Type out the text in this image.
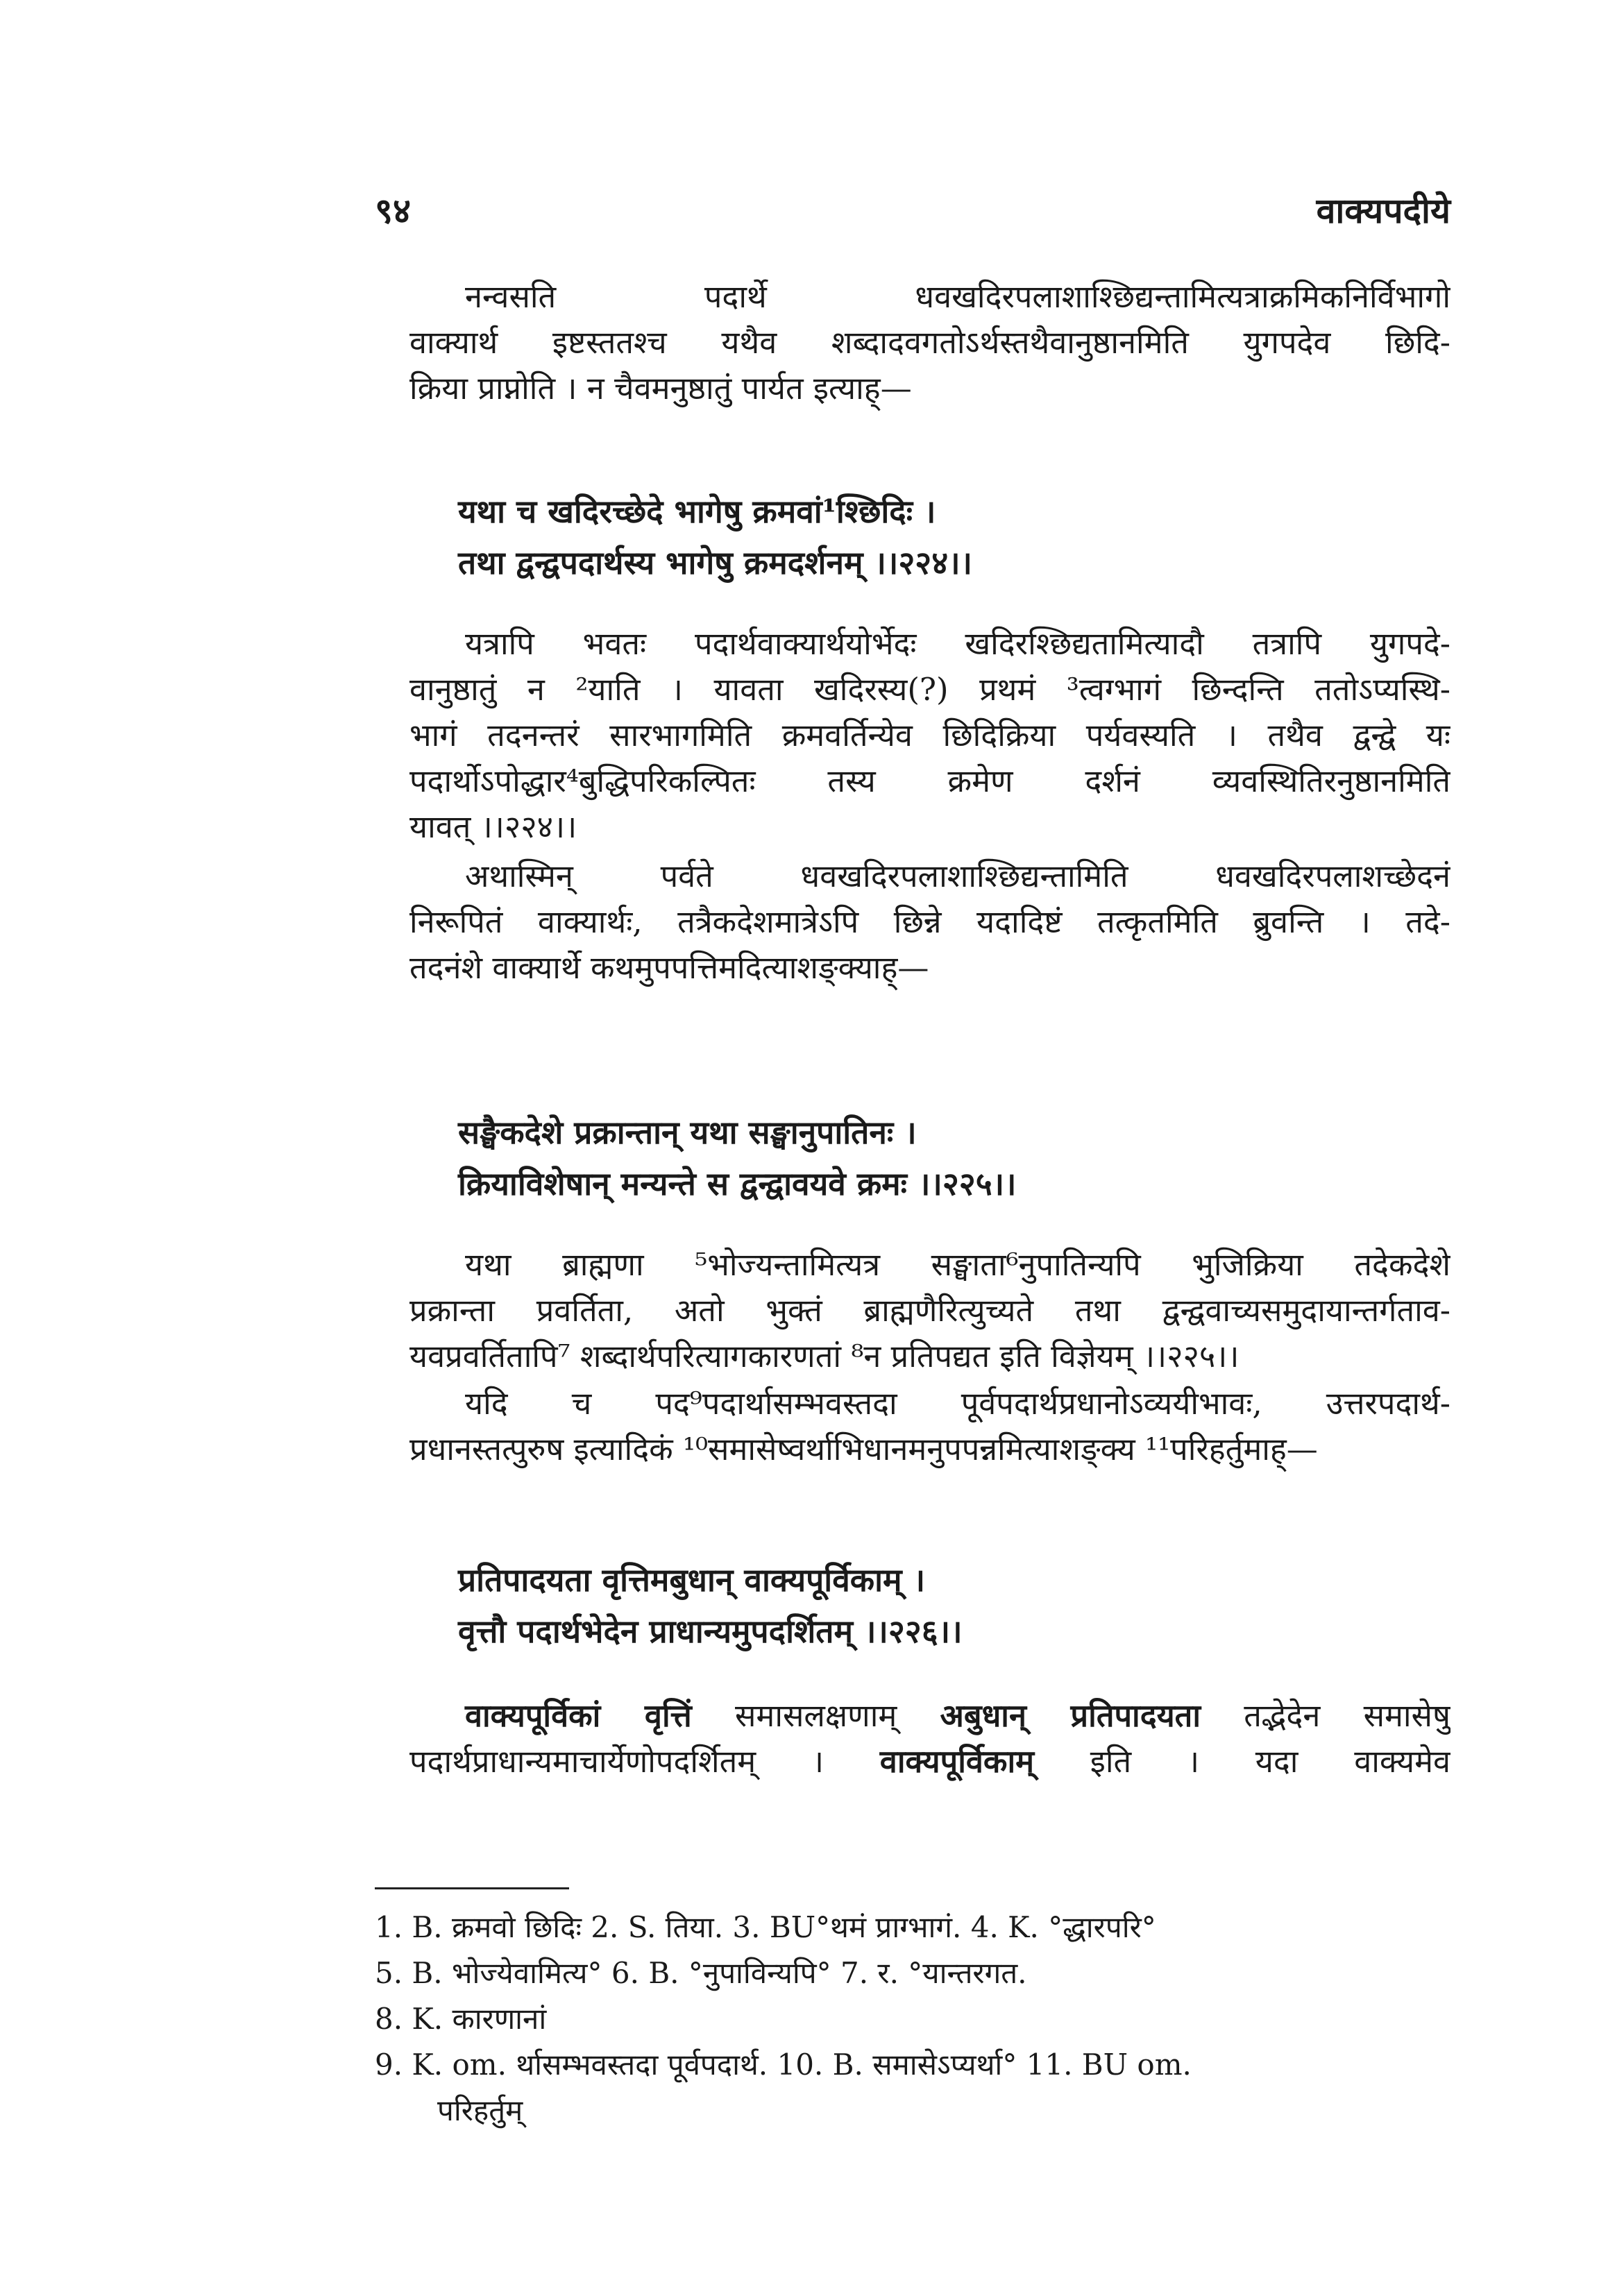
९४	वाक्यपदीये
नन्वसति पदार्थे धवखदिरपलाशाश्छिद्यन्तामित्यत्राक्रमिकनिर्विभागो
वाक्यार्थ इष्टस्ततश्च यथैव शब्दादवगतोऽर्थस्तथैवानुष्ठानमिति युगपदेव छिदि-
क्रिया प्राप्नोति । न चैवमनुष्ठातुं पार्यत इत्याह्—
यथा च खदिरच्छेदे भागेषु क्रमवां¹श्छिदिः ।
तथा द्वन्द्वपदार्थस्य भागेषु क्रमदर्शनम् ।।२२४।।
यत्रापि भवतः पदार्थवाक्यार्थयोर्भेदः खदिरश्छिद्यतामित्यादौ तत्रापि युगपदे-
वानुष्ठातुं न ²याति । यावता खदिरस्य(?) प्रथमं ³त्वग्भागं छिन्दन्ति ततोऽप्यस्थि-
भागं तदनन्तरं सारभागमिति क्रमवर्तिन्येव छिदिक्रिया पर्यवस्यति । तथैव द्वन्द्वे यः
पदार्थोऽपोद्धार⁴बुद्धिपरिकल्पितः तस्य क्रमेण दर्शनं व्यवस्थितिरनुष्ठानमिति
यावत् ।।२२४।।
अथास्मिन् पर्वते धवखदिरपलाशाश्छिद्यन्तामिति धवखदिरपलाशच्छेदनं
निरूपितं वाक्यार्थः, तत्रैकदेशमात्रेऽपि छिन्ने यदादिष्टं तत्कृतमिति ब्रुवन्ति । तदे-
तदनंशे वाक्यार्थे कथमुपपत्तिमदित्याशङ्क्याह्—
सङ्घैकदेशे प्रक्रान्तान् यथा सङ्घानुपातिनः ।
क्रियाविशेषान् मन्यन्ते स द्वन्द्वावयवे क्रमः ।।२२५।।
यथा ब्राह्मणा ⁵भोज्यन्तामित्यत्र सङ्घाता⁶नुपातिन्यपि भुजिक्रिया तदेकदेशे
प्रक्रान्ता प्रवर्तिता, अतो भुक्तं ब्राह्मणैरित्युच्यते तथा द्वन्द्ववाच्यसमुदायान्तर्गताव-
यवप्रवर्तितापि⁷ शब्दार्थपरित्यागकारणतां ⁸न प्रतिपद्यत इति विज्ञेयम् ।।२२५।।
यदि च पद⁹पदार्थासम्भवस्तदा पूर्वपदार्थप्रधानोऽव्ययीभावः, उत्तरपदार्थ-
प्रधानस्तत्पुरुष इत्यादिकं ¹⁰समासेष्वर्थाभिधानमनुपपन्नमित्याशङ्क्य ¹¹परिहर्तुमाह्—
प्रतिपादयता वृत्तिमबुधान् वाक्यपूर्विकाम् ।
वृत्तौ पदार्थभेदेन प्राधान्यमुपदर्शितम् ।।२२६।।
वाक्यपूर्विकां वृत्तिं समासलक्षणाम् अबुधान् प्रतिपादयता तद्भेदेन समासेषु
पदार्थप्राधान्यमाचार्येणोपदर्शितम् । वाक्यपूर्विकाम् इति । यदा वाक्यमेव
1. B. क्रमवो छिदिः 2. S. तिया. 3. BU°थमं प्राग्भागं. 4. K. °द्धारपरि°
5. B. भोज्येवामित्य° 6. B. °नुपाविन्यपि° 7. र. °यान्तरगत.
8. K. कारणानां
9. K. om. र्थासम्भवस्तदा पूर्वपदार्थ. 10. B. समासेऽप्यर्था° 11. BU om.
परिहर्तुम्
